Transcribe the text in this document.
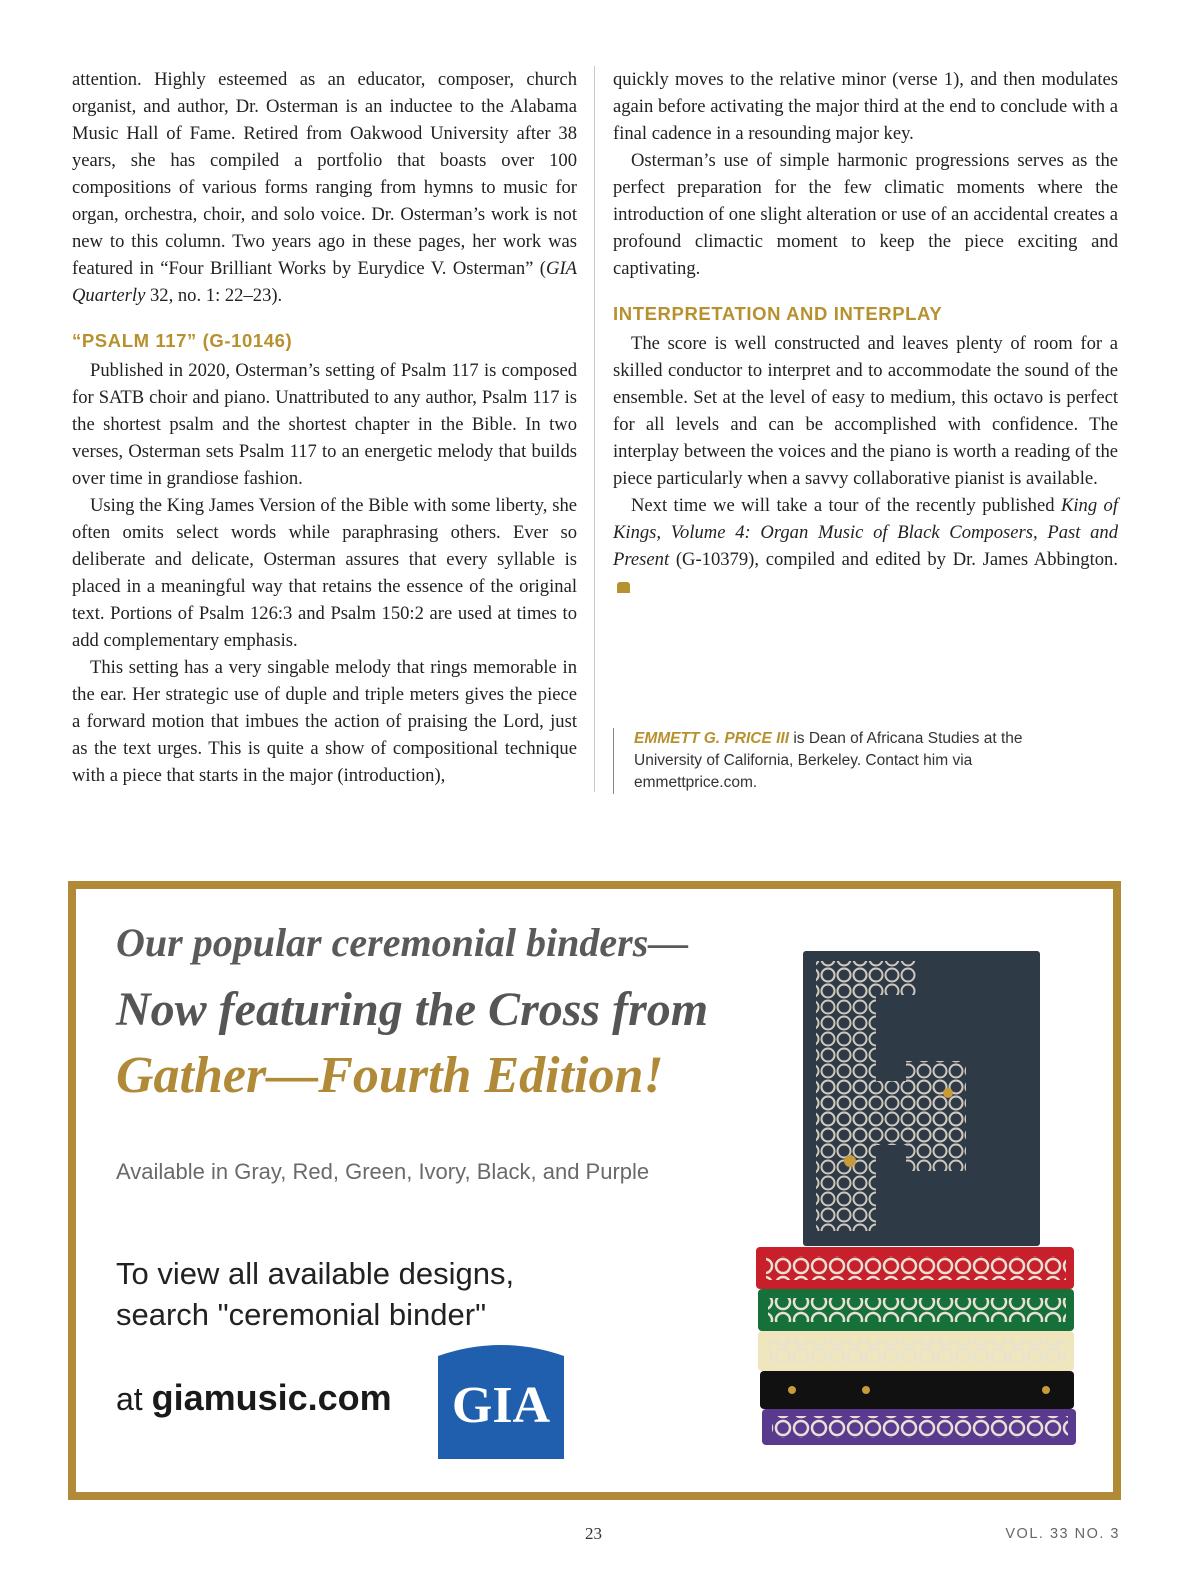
attention. Highly esteemed as an educator, composer, church organist, and author, Dr. Osterman is an inductee to the Alabama Music Hall of Fame. Retired from Oakwood University after 38 years, she has compiled a portfolio that boasts over 100 compositions of various forms ranging from hymns to music for organ, orchestra, choir, and solo voice. Dr. Osterman’s work is not new to this column. Two years ago in these pages, her work was featured in “Four Brilliant Works by Eurydice V. Osterman” (GIA Quarterly 32, no. 1: 22–23).

“PSALM 117” (G-10146)

Published in 2020, Osterman’s setting of Psalm 117 is composed for SATB choir and piano. Unattributed to any author, Psalm 117 is the shortest psalm and the shortest chapter in the Bible. In two verses, Osterman sets Psalm 117 to an energetic melody that builds over time in grandiose fashion.

Using the King James Version of the Bible with some liberty, she often omits select words while paraphrasing others. Ever so deliberate and delicate, Osterman assures that every syllable is placed in a meaningful way that retains the essence of the original text. Portions of Psalm 126:3 and Psalm 150:2 are used at times to add complementary emphasis.

This setting has a very singable melody that rings memorable in the ear. Her strategic use of duple and triple meters gives the piece a forward motion that imbues the action of praising the Lord, just as the text urges. This is quite a show of compositional technique with a piece that starts in the major (introduction),

quickly moves to the relative minor (verse 1), and then modulates again before activating the major third at the end to conclude with a final cadence in a resounding major key.

Osterman’s use of simple harmonic progressions serves as the perfect preparation for the few climatic moments where the introduction of one slight alteration or use of an accidental creates a profound climactic moment to keep the piece exciting and captivating.

INTERPRETATION AND INTERPLAY

The score is well constructed and leaves plenty of room for a skilled conductor to interpret and to accommodate the sound of the ensemble. Set at the level of easy to medium, this octavo is perfect for all levels and can be accomplished with confidence. The interplay between the voices and the piano is worth a reading of the piece particularly when a savvy collaborative pianist is available.

Next time we will take a tour of the recently published King of Kings, Volume 4: Organ Music of Black Composers, Past and Present (G-10379), compiled and edited by Dr. James Abbington.

EMMETT G. PRICE III is Dean of Africana Studies at the University of California, Berkeley. Contact him via emmettprice.com.
Our popular ceremonial binders—
Now featuring the Cross from
Gather—Fourth Edition!
Available in Gray, Red, Green, Ivory, Black, and Purple
To view all available designs,
search "ceremonial binder"
at giamusic.com GIA
23	VOL. 33 NO. 3
